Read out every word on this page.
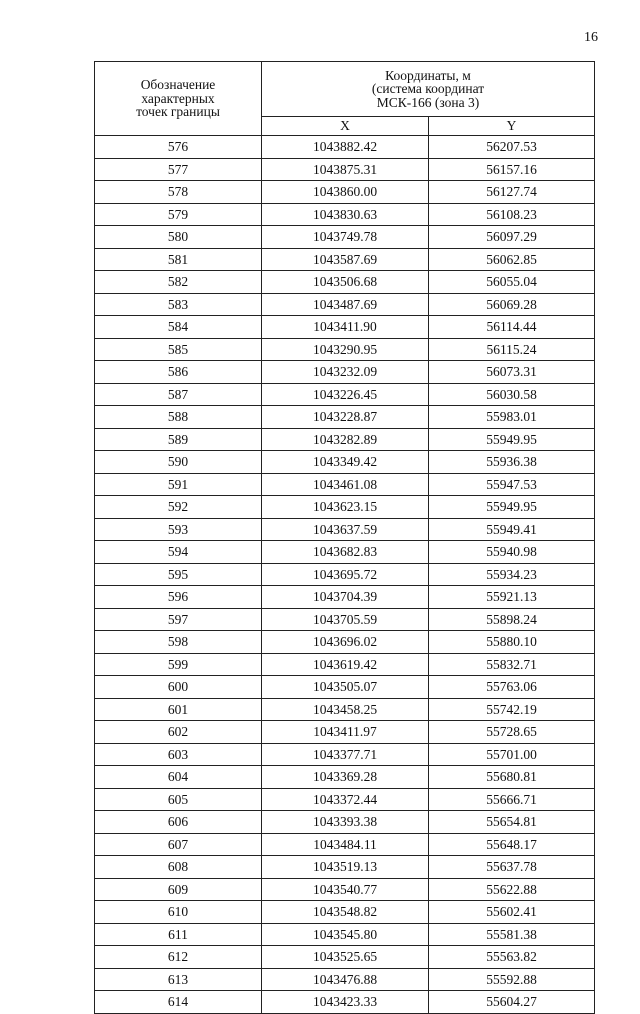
16
Обозначение
характерных
точек границы	Координаты, м
(система координат
МСК-166 (зона 3)	

	X	Y
576	1043882.42	56207.53
577	1043875.31	56157.16
578	1043860.00	56127.74
579	1043830.63	56108.23
580	1043749.78	56097.29
581	1043587.69	56062.85
582	1043506.68	56055.04
583	1043487.69	56069.28
584	1043411.90	56114.44
585	1043290.95	56115.24
586	1043232.09	56073.31
587	1043226.45	56030.58
588	1043228.87	55983.01
589	1043282.89	55949.95
590	1043349.42	55936.38
591	1043461.08	55947.53
592	1043623.15	55949.95
593	1043637.59	55949.41
594	1043682.83	55940.98
595	1043695.72	55934.23
596	1043704.39	55921.13
597	1043705.59	55898.24
598	1043696.02	55880.10
599	1043619.42	55832.71
600	1043505.07	55763.06
601	1043458.25	55742.19
602	1043411.97	55728.65
603	1043377.71	55701.00
604	1043369.28	55680.81
605	1043372.44	55666.71
606	1043393.38	55654.81
607	1043484.11	55648.17
608	1043519.13	55637.78
609	1043540.77	55622.88
610	1043548.82	55602.41
611	1043545.80	55581.38
612	1043525.65	55563.82
613	1043476.88	55592.88
614	1043423.33	55604.27
